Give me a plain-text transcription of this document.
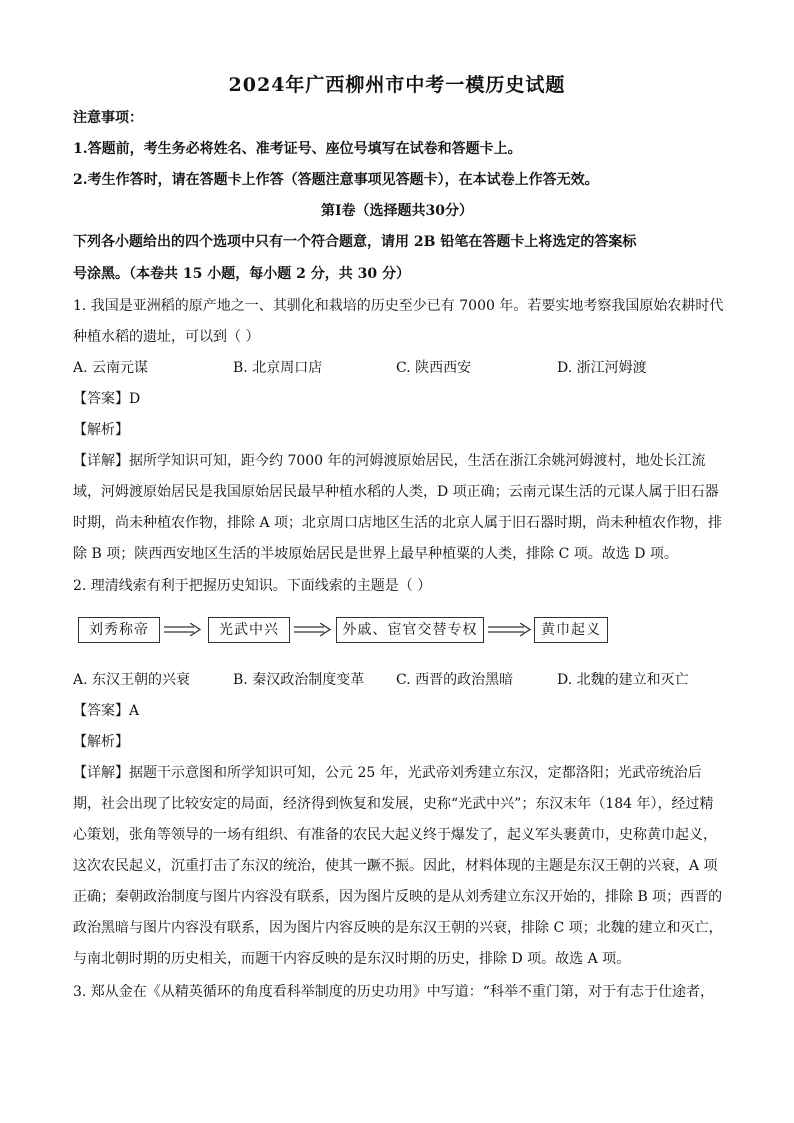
2024年广西柳州市中考一模历史试题
注意事项：
1.答题前，考生务必将姓名、准考证号、座位号填写在试卷和答题卡上。
2.考生作答时，请在答题卡上作答（答题注意事项见答题卡），在本试卷上作答无效。
第Ⅰ卷（选择题共30分）
下列各小题给出的四个选项中只有一个符合题意，请用 2B 铅笔在答题卡上将选定的答案标
号涂黑。（本卷共 15 小题，每小题 2 分，共 30 分）
1. 我国是亚洲稻的原产地之一、其驯化和栽培的历史至少已有 7000 年。若要实地考察我国原始农耕时代
种植水稻的遗址，可以到（ ）
A. 云南元谋	B. 北京周口店	C. 陕西西安	D. 浙江河姆渡
【答案】D
【解析】
【详解】据所学知识可知，距今约 7000 年的河姆渡原始居民，生活在浙江余姚河姆渡村，地处长江流
域，河姆渡原始居民是我国原始居民最早种植水稻的人类，D 项正确；云南元谋生活的元谋人属于旧石器
时期，尚未种植农作物，排除 A 项；北京周口店地区生活的北京人属于旧石器时期，尚未种植农作物，排
除 B 项；陕西西安地区生活的半坡原始居民是世界上最早种植粟的人类，排除 C 项。故选 D 项。
2. 理清线索有利于把握历史知识。下面线索的主题是（ ）
刘秀称帝	光武中兴	外戚、宦官交替专权	黄巾起义
A. 东汉王朝的兴衰	B. 秦汉政治制度变革 C. 西晋的政治黑暗	D. 北魏的建立和灭亡
【答案】A
【解析】
【详解】据题干示意图和所学知识可知，公元 25 年，光武帝刘秀建立东汉，定都洛阳；光武帝统治后
期，社会出现了比较安定的局面，经济得到恢复和发展，史称“光武中兴”；东汉末年（184 年），经过精
心策划，张角等领导的一场有组织、有准备的农民大起义终于爆发了，起义军头裹黄巾，史称黄巾起义，
这次农民起义，沉重打击了东汉的统治，使其一蹶不振。因此，材料体现的主题是东汉王朝的兴衰，A 项
正确；秦朝政治制度与图片内容没有联系，因为图片反映的是从刘秀建立东汉开始的，排除 B 项；西晋的
政治黑暗与图片内容没有联系，因为图片内容反映的是东汉王朝的兴衰，排除 C 项；北魏的建立和灭亡，
与南北朝时期的历史相关，而题干内容反映的是东汉时期的历史，排除 D 项。故选 A 项。
3. 郑从金在《从精英循环的角度看科举制度的历史功用》中写道：“科举不重门第，对于有志于仕途者，
